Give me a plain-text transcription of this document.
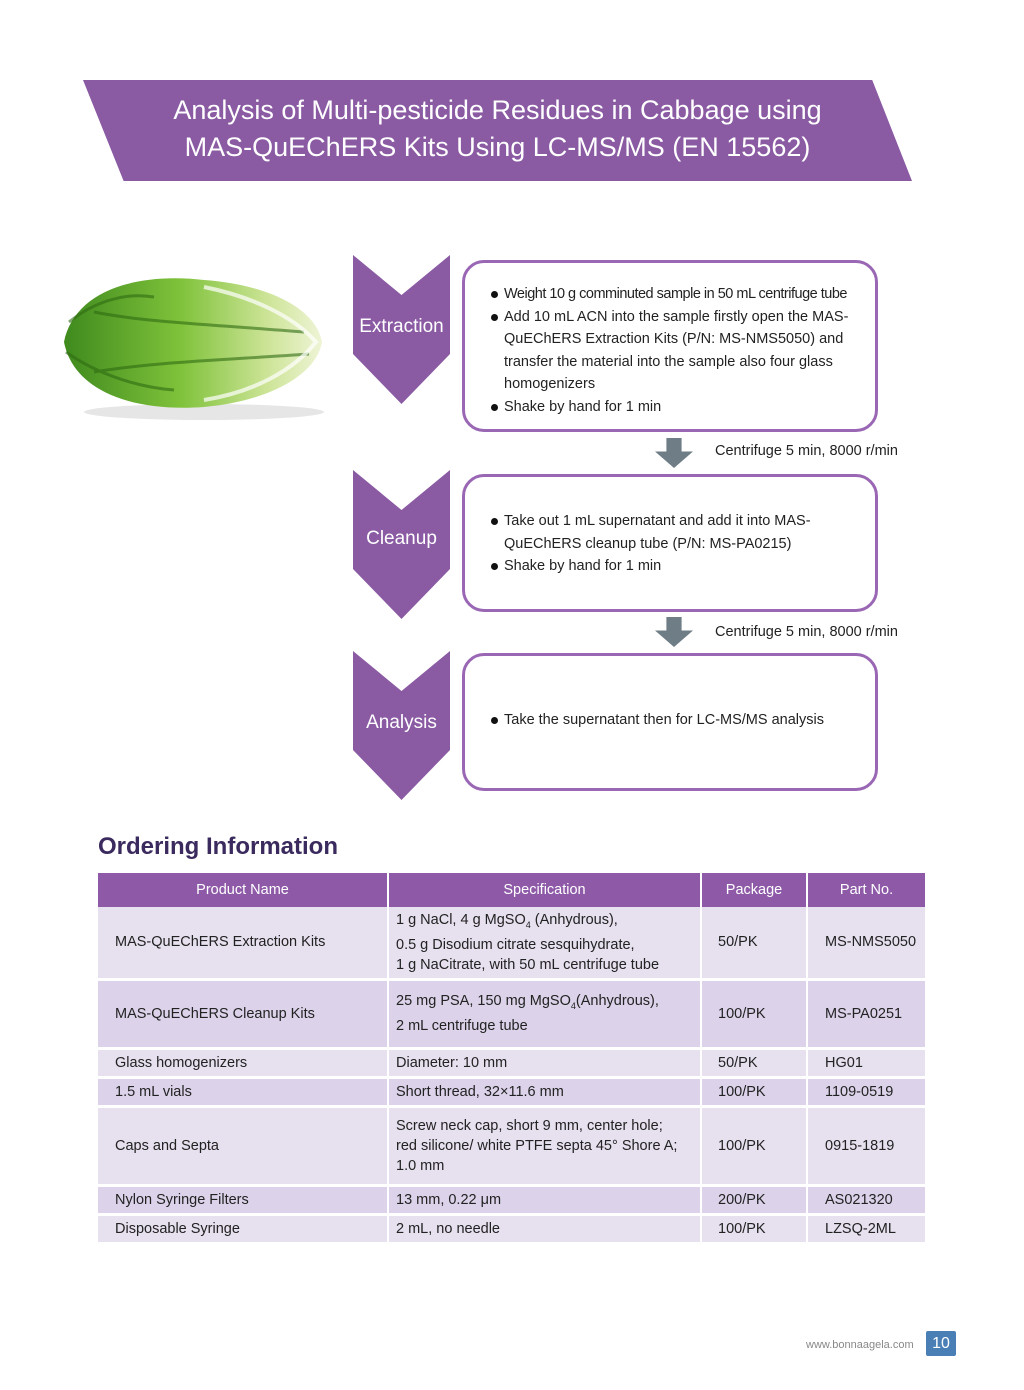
Analysis of Multi-pesticide Residues in Cabbage using
MAS-QuEChERS Kits Using LC-MS/MS (EN 15562)
Extraction
Weight 10 g comminuted sample in 50 mL centrifuge tube
Add 10 mL ACN into the sample firstly open the MAS-QuEChERS Extraction Kits (P/N: MS-NMS5050) and transfer the material into the sample also four glass homogenizers
Shake by hand for 1 min
Centrifuge 5 min, 8000 r/min
Cleanup
Take out 1 mL supernatant and add it into MAS-QuEChERS cleanup tube (P/N: MS-PA0215)
Shake by hand for 1 min
Centrifuge 5 min, 8000 r/min
Analysis	Take the supernatant then for LC-MS/MS analysis
Ordering Information
Product Name	Specification	Package	Part No.
MAS-QuEChERS Extraction Kits	1 g NaCl, 4 g MgSO$_4$ (Anhydrous),
0.5 g Disodium citrate sesquihydrate,
1 g NaCitrate, with 50 mL centrifuge tube	50/PK	MS-NMS5050
MAS-QuEChERS Cleanup Kits	25 mg PSA, 150 mg MgSO$_4$(Anhydrous),
2 mL centrifuge tube	100/PK	MS-PA0251
Glass homogenizers	Diameter: 10 mm	50/PK	HG01
1.5 mL vials	Short thread, 32×11.6 mm	100/PK	1109-0519
Caps and Septa	Screw neck cap, short 9 mm, center hole;
red silicone/ white PTFE septa 45° Shore A;
1.0 mm	100/PK	0915-1819
Nylon Syringe Filters	13 mm, 0.22 μm	200/PK	AS021320
Disposable Syringe	2 mL, no needle	100/PK	LZSQ-2ML
www.bonnaagela.com	10
